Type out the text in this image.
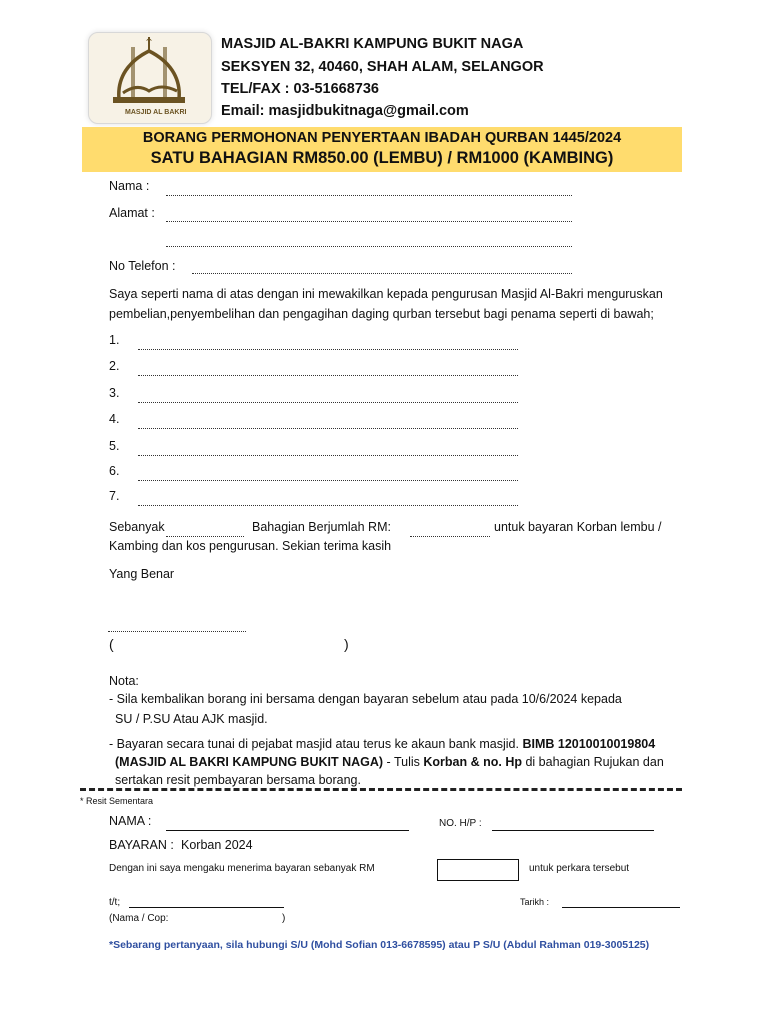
MASJID AL BAKRI
MASJID AL-BAKRI KAMPUNG BUKIT NAGA
SEKSYEN 32, 40460, SHAH ALAM, SELANGOR
TEL/FAX : 03-51668736
Email: masjidbukitnaga@gmail.com
BORANG PERMOHONAN PENYERTAAN IBADAH QURBAN 1445/2024
SATU BAHAGIAN RM850.00 (LEMBU) / RM1000 (KAMBING)
Nama :
Alamat :
No Telefon :
Saya seperti nama di atas dengan ini mewakilkan kepada pengurusan Masjid Al-Bakri menguruskan
pembelian,penyembelihan dan pengagihan daging qurban tersebut bagi penama seperti di bawah;
1.
2.
3.
4.
5.
6.
7.
Sebanyak	Bahagian Berjumlah RM:	untuk bayaran Korban lembu /
Kambing dan kos pengurusan. Sekian terima kasih
Yang Benar
(	)
Nota:
- Sila kembalikan borang ini bersama dengan bayaran sebelum atau pada 10/6/2024 kepada
SU / P.SU Atau AJK masjid.
- Bayaran secara tunai di pejabat masjid atau terus ke akaun bank masjid. BIMB 12010010019804
(MASJID AL BAKRI KAMPUNG BUKIT NAGA) - Tulis Korban & no. Hp di bahagian Rujukan dan
sertakan resit pembayaran bersama borang.
* Resit Sementara
NAMA :	NO. H/P :
BAYARAN : Korban 2024
Dengan ini saya mengaku menerima bayaran sebanyak RM	untuk perkara tersebut
t/t;
(Nama / Cop:	)
Tarikh :
*Sebarang pertanyaan, sila hubungi S/U (Mohd Sofian 013-6678595) atau P S/U (Abdul Rahman 019-3005125)
